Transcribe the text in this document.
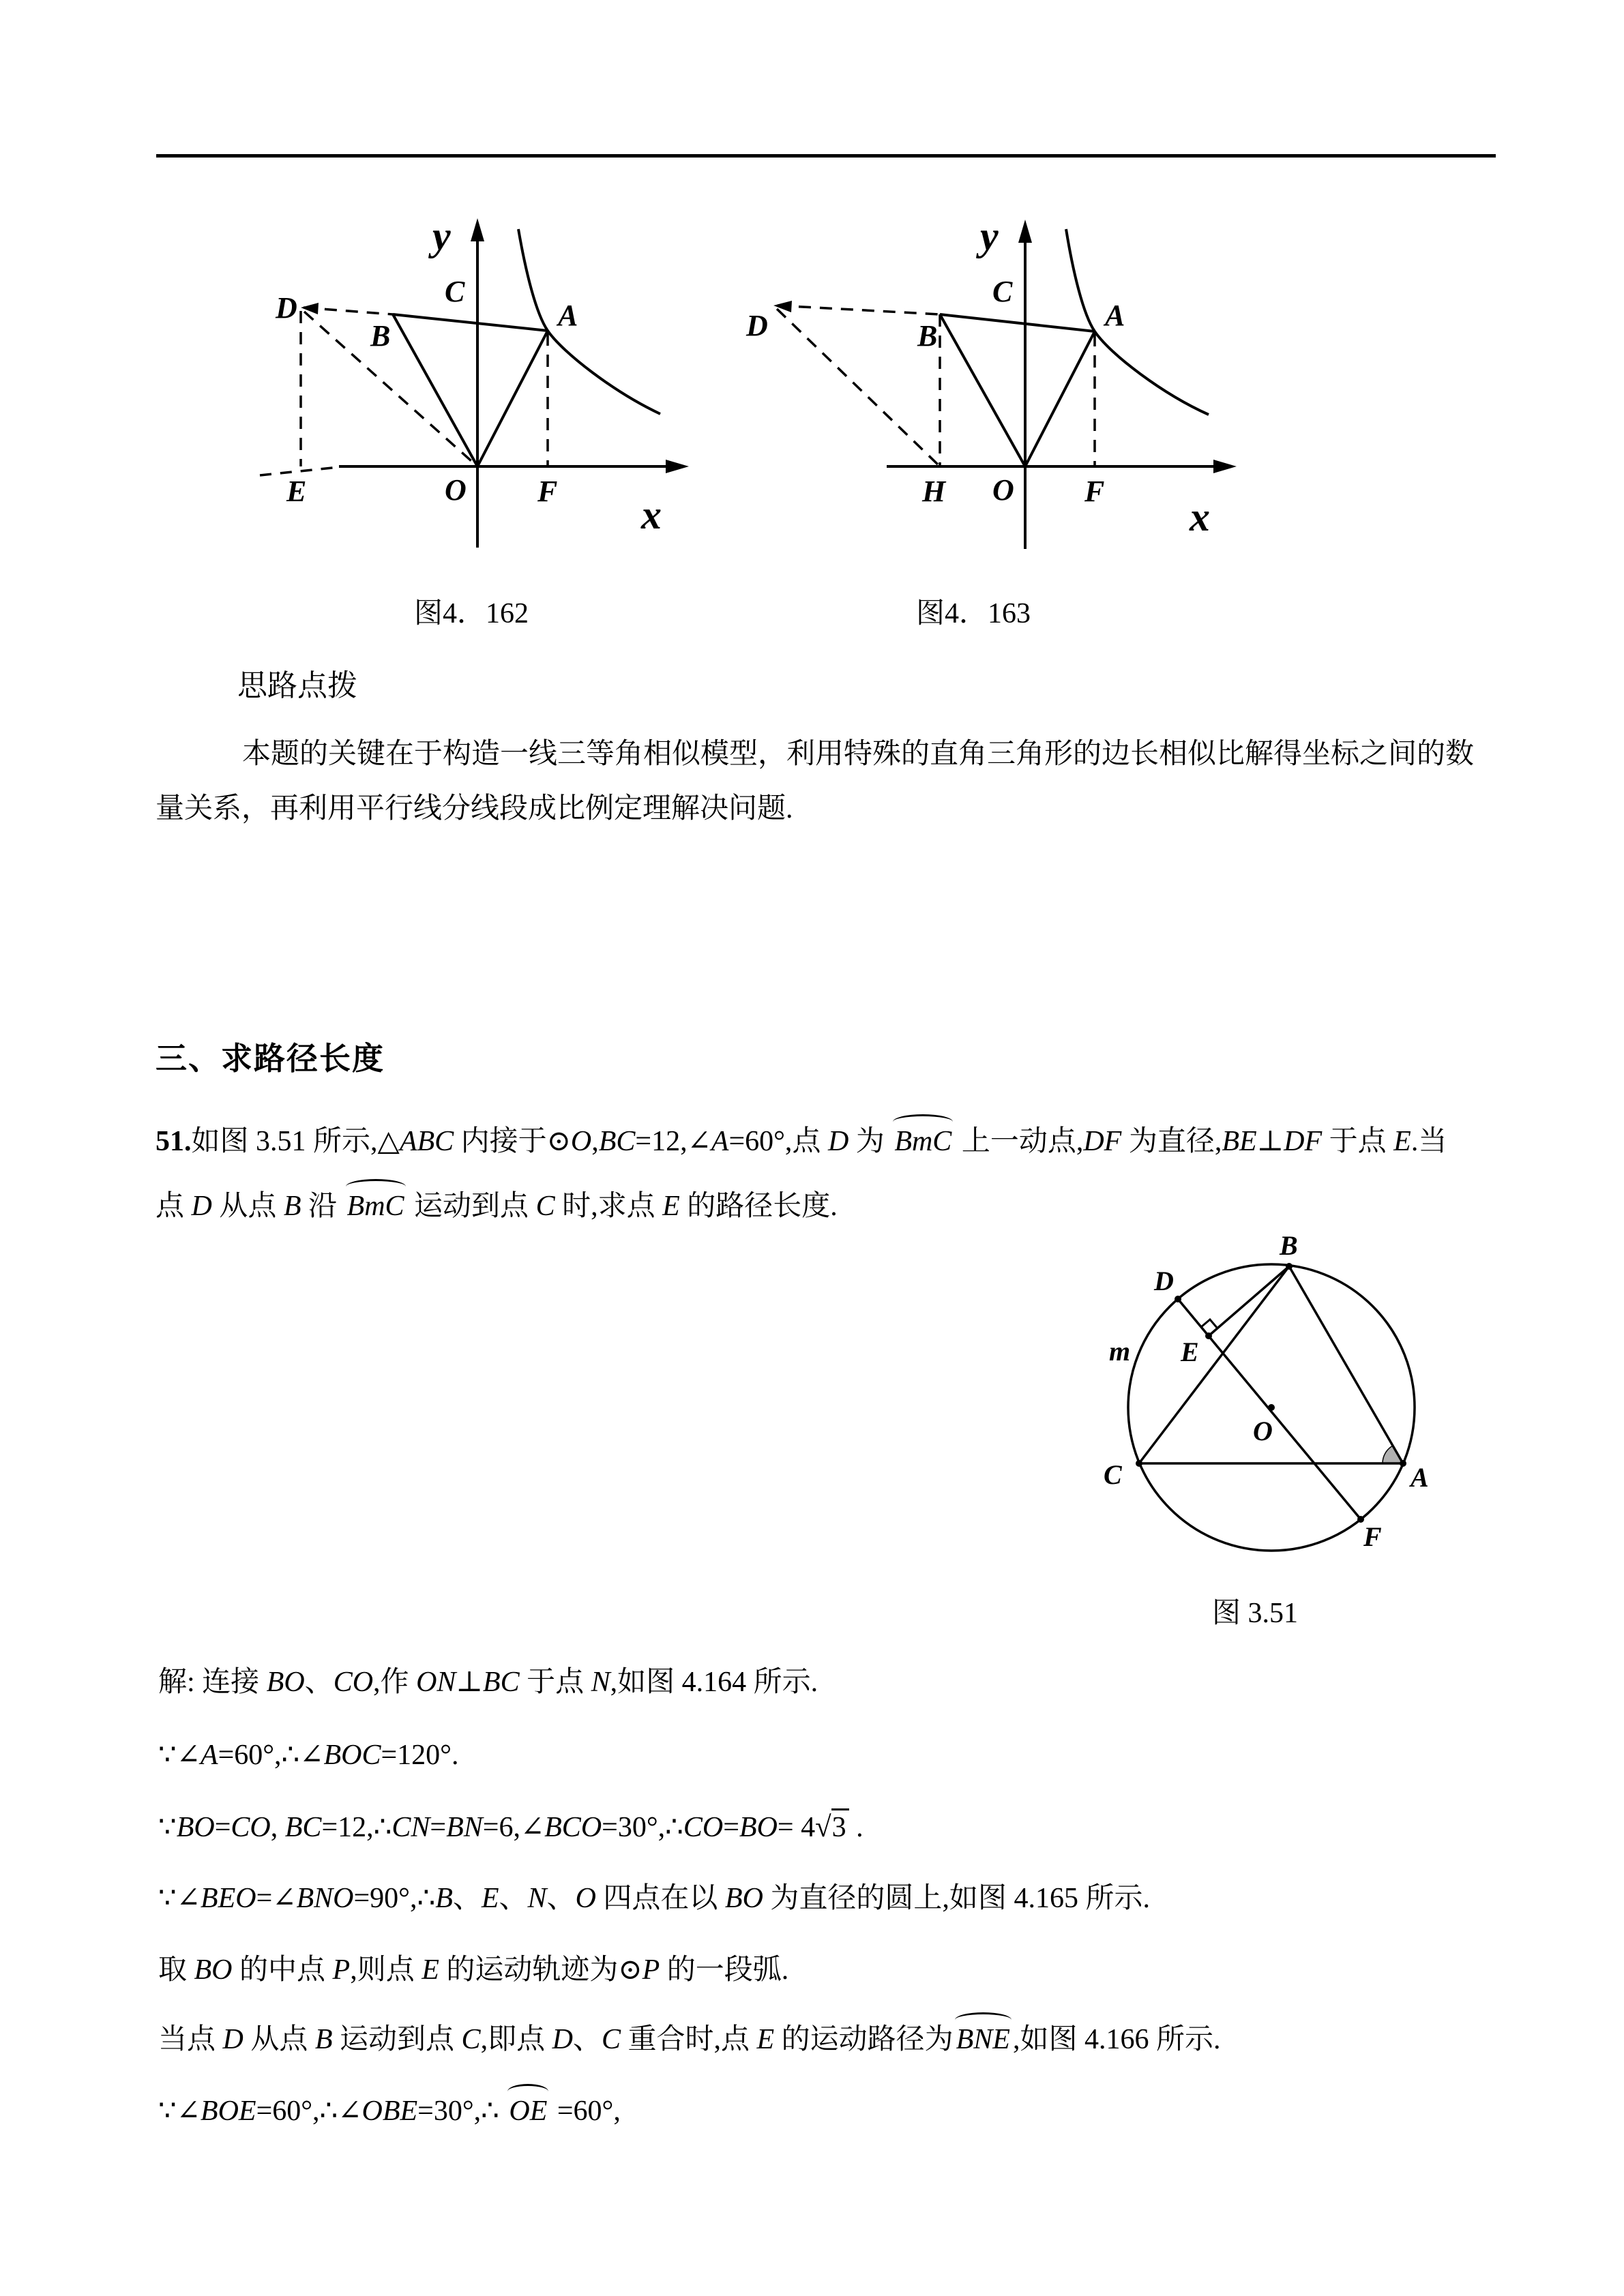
y
x
D
B
C
A
O
E	F
y
x
D	B
C
A
O
H	F
图4．162	图4．163
思路点拨
本题的关键在于构造一线三等角相似模型，利用特殊的直角三角形的边长相似比解得坐标之间的数
量关系，再利用平行线分线段成比例定理解决问题.
三、求路径长度
51.如图 3.51 所示,△ABC 内接于⊙O,BC=12,∠A=60°,点 D 为 BmC 上一动点,DF 为直径,BE⊥DF 于点 E.当
点 D 从点 B 沿 BmC 运动到点 C 时,求点 E 的路径长度.
B
D
E
m
O
C	A
F
图 3.51
解: 连接 BO、CO,作 ON⊥BC 于点 N,如图 4.164 所示.
∵∠A=60°,∴∠BOC=120°.
∵BO=CO, BC=12,∴CN=BN=6,∠BCO=30°,∴CO=BO= 4√3 .
∵∠BEO=∠BNO=90°,∴B、E、N、O 四点在以 BO 为直径的圆上,如图 4.165 所示.
取 BO 的中点 P,则点 E 的运动轨迹为⊙P 的一段弧.
当点 D 从点 B 运动到点 C,即点 D、C 重合时,点 E 的运动路径为BNE,如图 4.166 所示.
∵∠BOE=60°,∴∠OBE=30°,∴ OE =60°,
